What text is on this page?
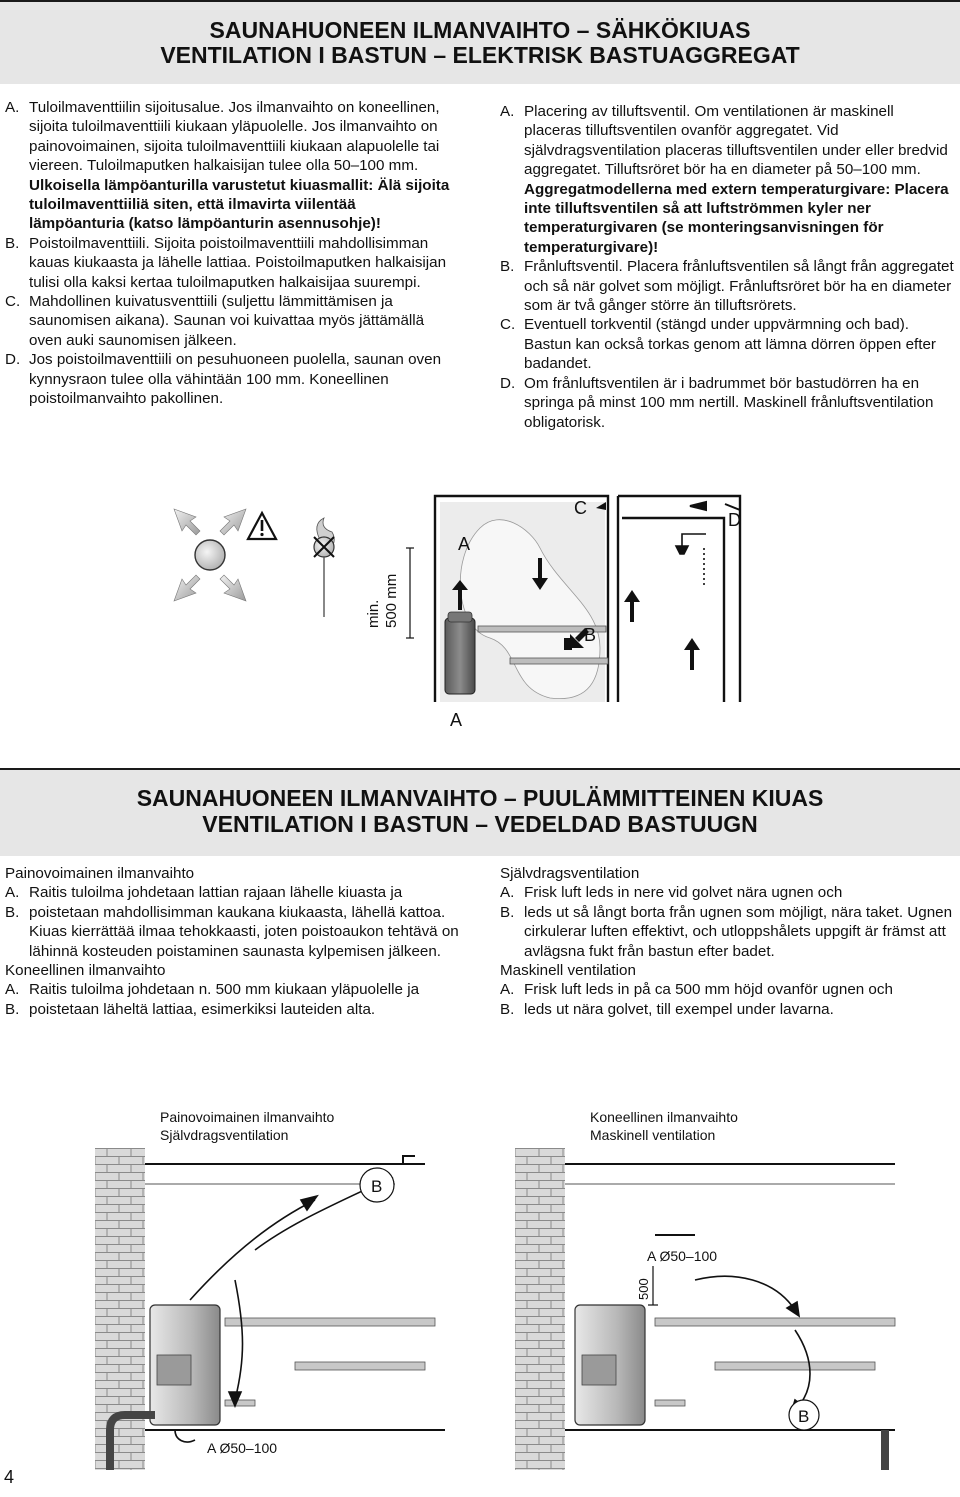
SAUNAHUONEEN ILMANVAIHTO – SÄHKÖKIUAS
VENTILATION I BASTUN – ELEKTRISK BASTUAGGREGAT
A. Tuloilmaventtiilin sijoitusalue. Jos ilmanvaihto on koneellinen, sijoita tuloilmaventtiili kiukaan yläpuolelle. Jos ilmanvaihto on painovoimainen, sijoita tuloilmaventtiili kiukaan alapuolelle tai viereen. Tuloilmaputken halkaisijan tulee olla 50–100 mm. Ulkoisella lämpöanturilla varustetut kiuasmallit: Älä sijoita tuloilmaventtiiliä siten, että ilmavirta viilentää lämpöanturia (katso lämpöanturin asennusohje)!
B. Poistoilmaventtiili. Sijoita poistoilmaventtiili mahdollisimman kauas kiukaasta ja lähelle lattiaa. Poistoilmaputken halkaisijan tulisi olla kaksi kertaa tuloilmaputken halkaisijaa suurempi.
C. Mahdollinen kuivatusventtiili (suljettu lämmittämisen ja saunomisen aikana). Saunan voi kuivattaa myös jättämällä oven auki saunomisen jälkeen.
D. Jos poistoilmaventtiili on pesuhuoneen puolella, saunan oven kynnysraon tulee olla vähintään 100 mm. Koneellinen poistoilmanvaihto pakollinen.
A. Placering av tilluftsventil. Om ventilationen är maskinell placeras tilluftsventilen ovanför aggregatet. Vid självdragsventilation placeras tilluftsventilen under eller bredvid aggregatet. Tilluftsröret bör ha en diameter på 50–100 mm. Aggregatmodellerna med extern temperaturgivare: Placera inte tilluftsventilen så att luftströmmen kyler ner temperaturgivaren (se monteringsanvisningen för temperaturgivare)!
B. Frånluftsventil. Placera frånluftsventilen så långt från aggregatet och så när golvet som möjligt. Frånluftsröret bör ha en diameter som är två gånger större än tilluftsrörets.
C. Eventuell torkventil (stängd under uppvärmning och bad). Bastun kan också torkas genom att lämna dörren öppen efter badandet.
D. Om frånluftsventilen är i badrummet bör bastudörren ha en springa på minst 100 mm nertill. Maskinell frånluftsventilation obligatorisk.
min. 500 mm
A
A
B
C
D
SAUNAHUONEEN ILMANVAIHTO – PUULÄMMITTEINEN KIUAS
VENTILATION I BASTUN – VEDELDAD BASTUUGN

Painovoimainen ilmanvaihto

A. Raitis tuloilma johdetaan lattian rajaan lähelle kiuasta ja
B. poistetaan mahdollisimman kaukana kiukaasta, lähellä kattoa. Kiuas kierrättää ilmaa tehokkaasti, joten poistoaukon tehtävä on lähinnä kosteuden poistaminen saunasta kylpemisen jälkeen.

Koneellinen ilmanvaihto

A. Raitis tuloilma johdetaan n. 500 mm kiukaan yläpuolelle ja
B. poistetaan läheltä lattiaa, esimerkiksi lauteiden alta.

Självdragsventilation

A. Frisk luft leds in nere vid golvet nära ugnen och
B. leds ut så långt borta från ugnen som möjligt, nära taket. Ugnen cirkulerar luften effektivt, och utloppshålets uppgift är främst att avlägsna fukt från bastun efter badet.

Maskinell ventilation

A. Frisk luft leds in på ca 500 mm höjd ovanför ugnen och
B. leds ut nära golvet, till exempel under lavarna.
Painovoimainen ilmanvaihto
Självdragsventilation
Koneellinen ilmanvaihto
Maskinell ventilation
B
A Ø50–100
500
A Ø50–100
B
4
